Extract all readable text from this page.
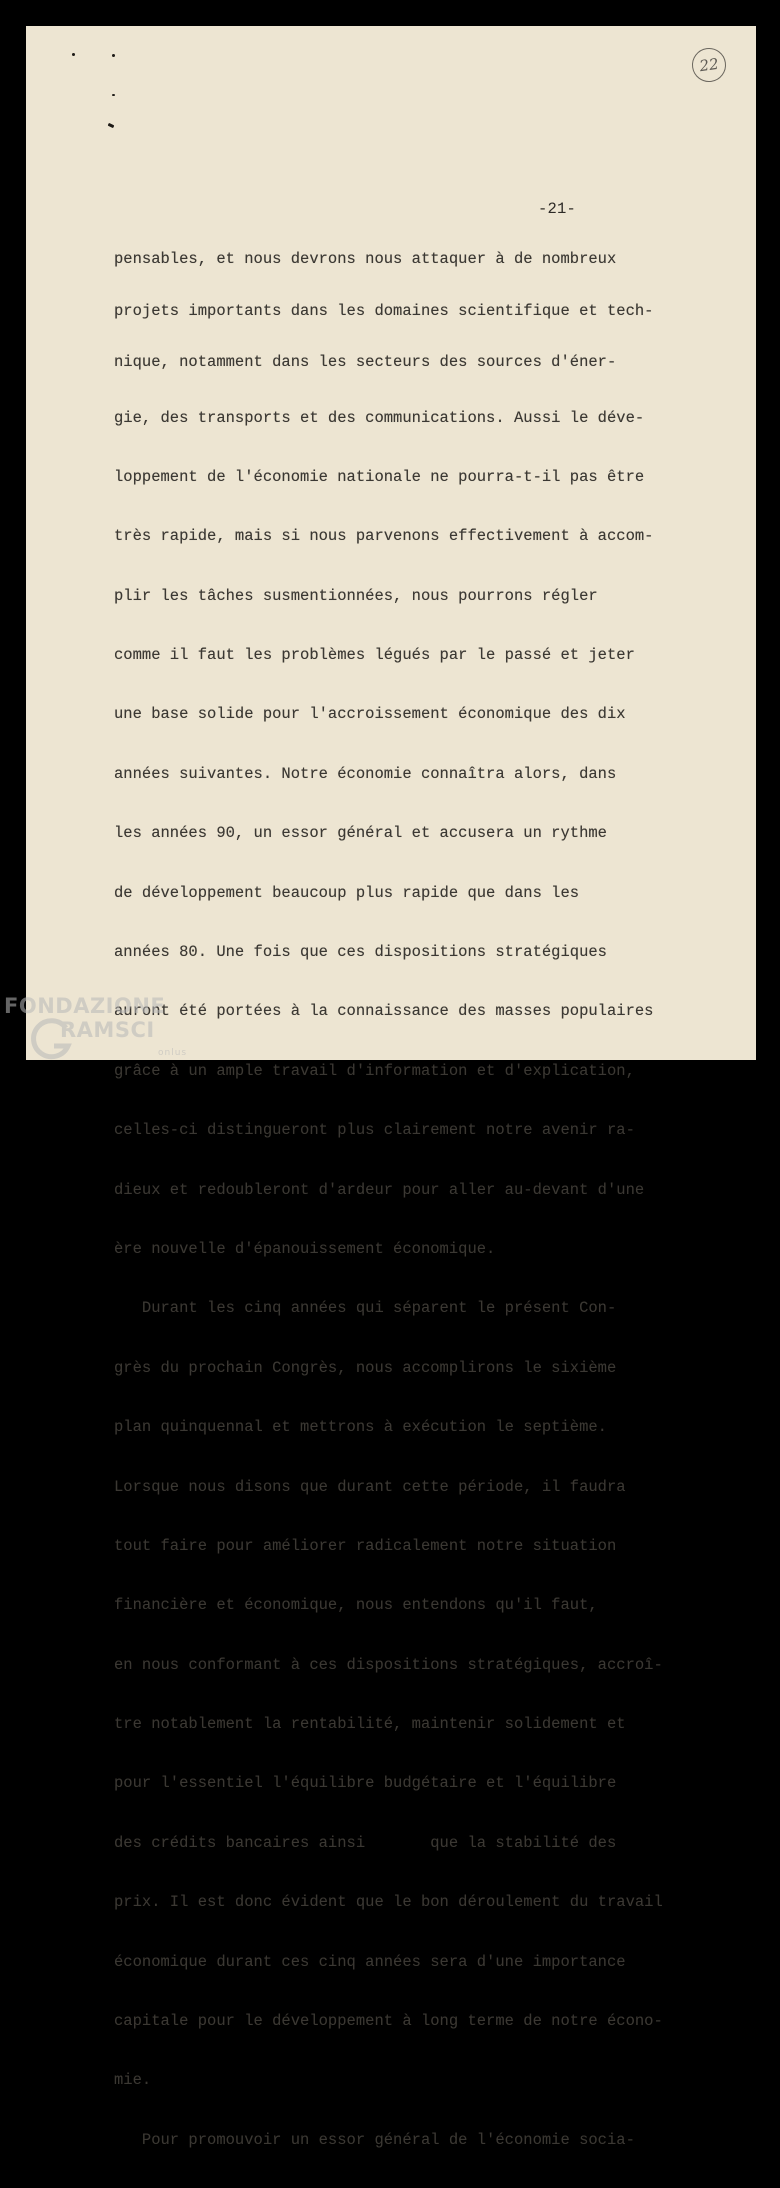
22
-21-

pensables, et nous devrons nous attaquer à de nombreux

projets importants dans les domaines scientifique et tech-

nique, notamment dans les secteurs des sources d'éner-

gie, des transports et des communications. Aussi le déve-

loppement de l'économie nationale ne pourra-t-il pas être

très rapide, mais si nous parvenons effectivement à accom-

plir les tâches susmentionnées, nous pourrons régler

comme il faut les problèmes légués par le passé et jeter

une base solide pour l'accroissement économique des dix

années suivantes. Notre économie connaîtra alors, dans

les années 90, un essor général et accusera un rythme

de développement beaucoup plus rapide que dans les

années 80. Une fois que ces dispositions stratégiques

auront été portées à la connaissance des masses populaires

grâce à un ample travail d'information et d'explication,

celles-ci distingueront plus clairement notre avenir ra-

dieux et redoubleront d'ardeur pour aller au-devant d'une

ère nouvelle d'épanouissement économique.

Durant les cinq années qui séparent le présent Con-

grès du prochain Congrès, nous accomplirons le sixième

plan quinquennal et mettrons à exécution le septième.

Lorsque nous disons que durant cette période, il faudra

tout faire pour améliorer radicalement notre situation

financière et économique, nous entendons qu'il faut,

en nous conformant à ces dispositions stratégiques, accroî-

tre notablement la rentabilité, maintenir solidement et

pour l'essentiel l'équilibre budgétaire et l'équilibre

des crédits bancaires ainsi       que la stabilité des

prix. Il est donc évident que le bon déroulement du travail

économique durant ces cinq années sera d'une importance

capitale pour le développement à long terme de notre écono-

mie.

Pour promouvoir un essor général de l'économie socia-

FONDAZIONE
RAMSCI
onlus
